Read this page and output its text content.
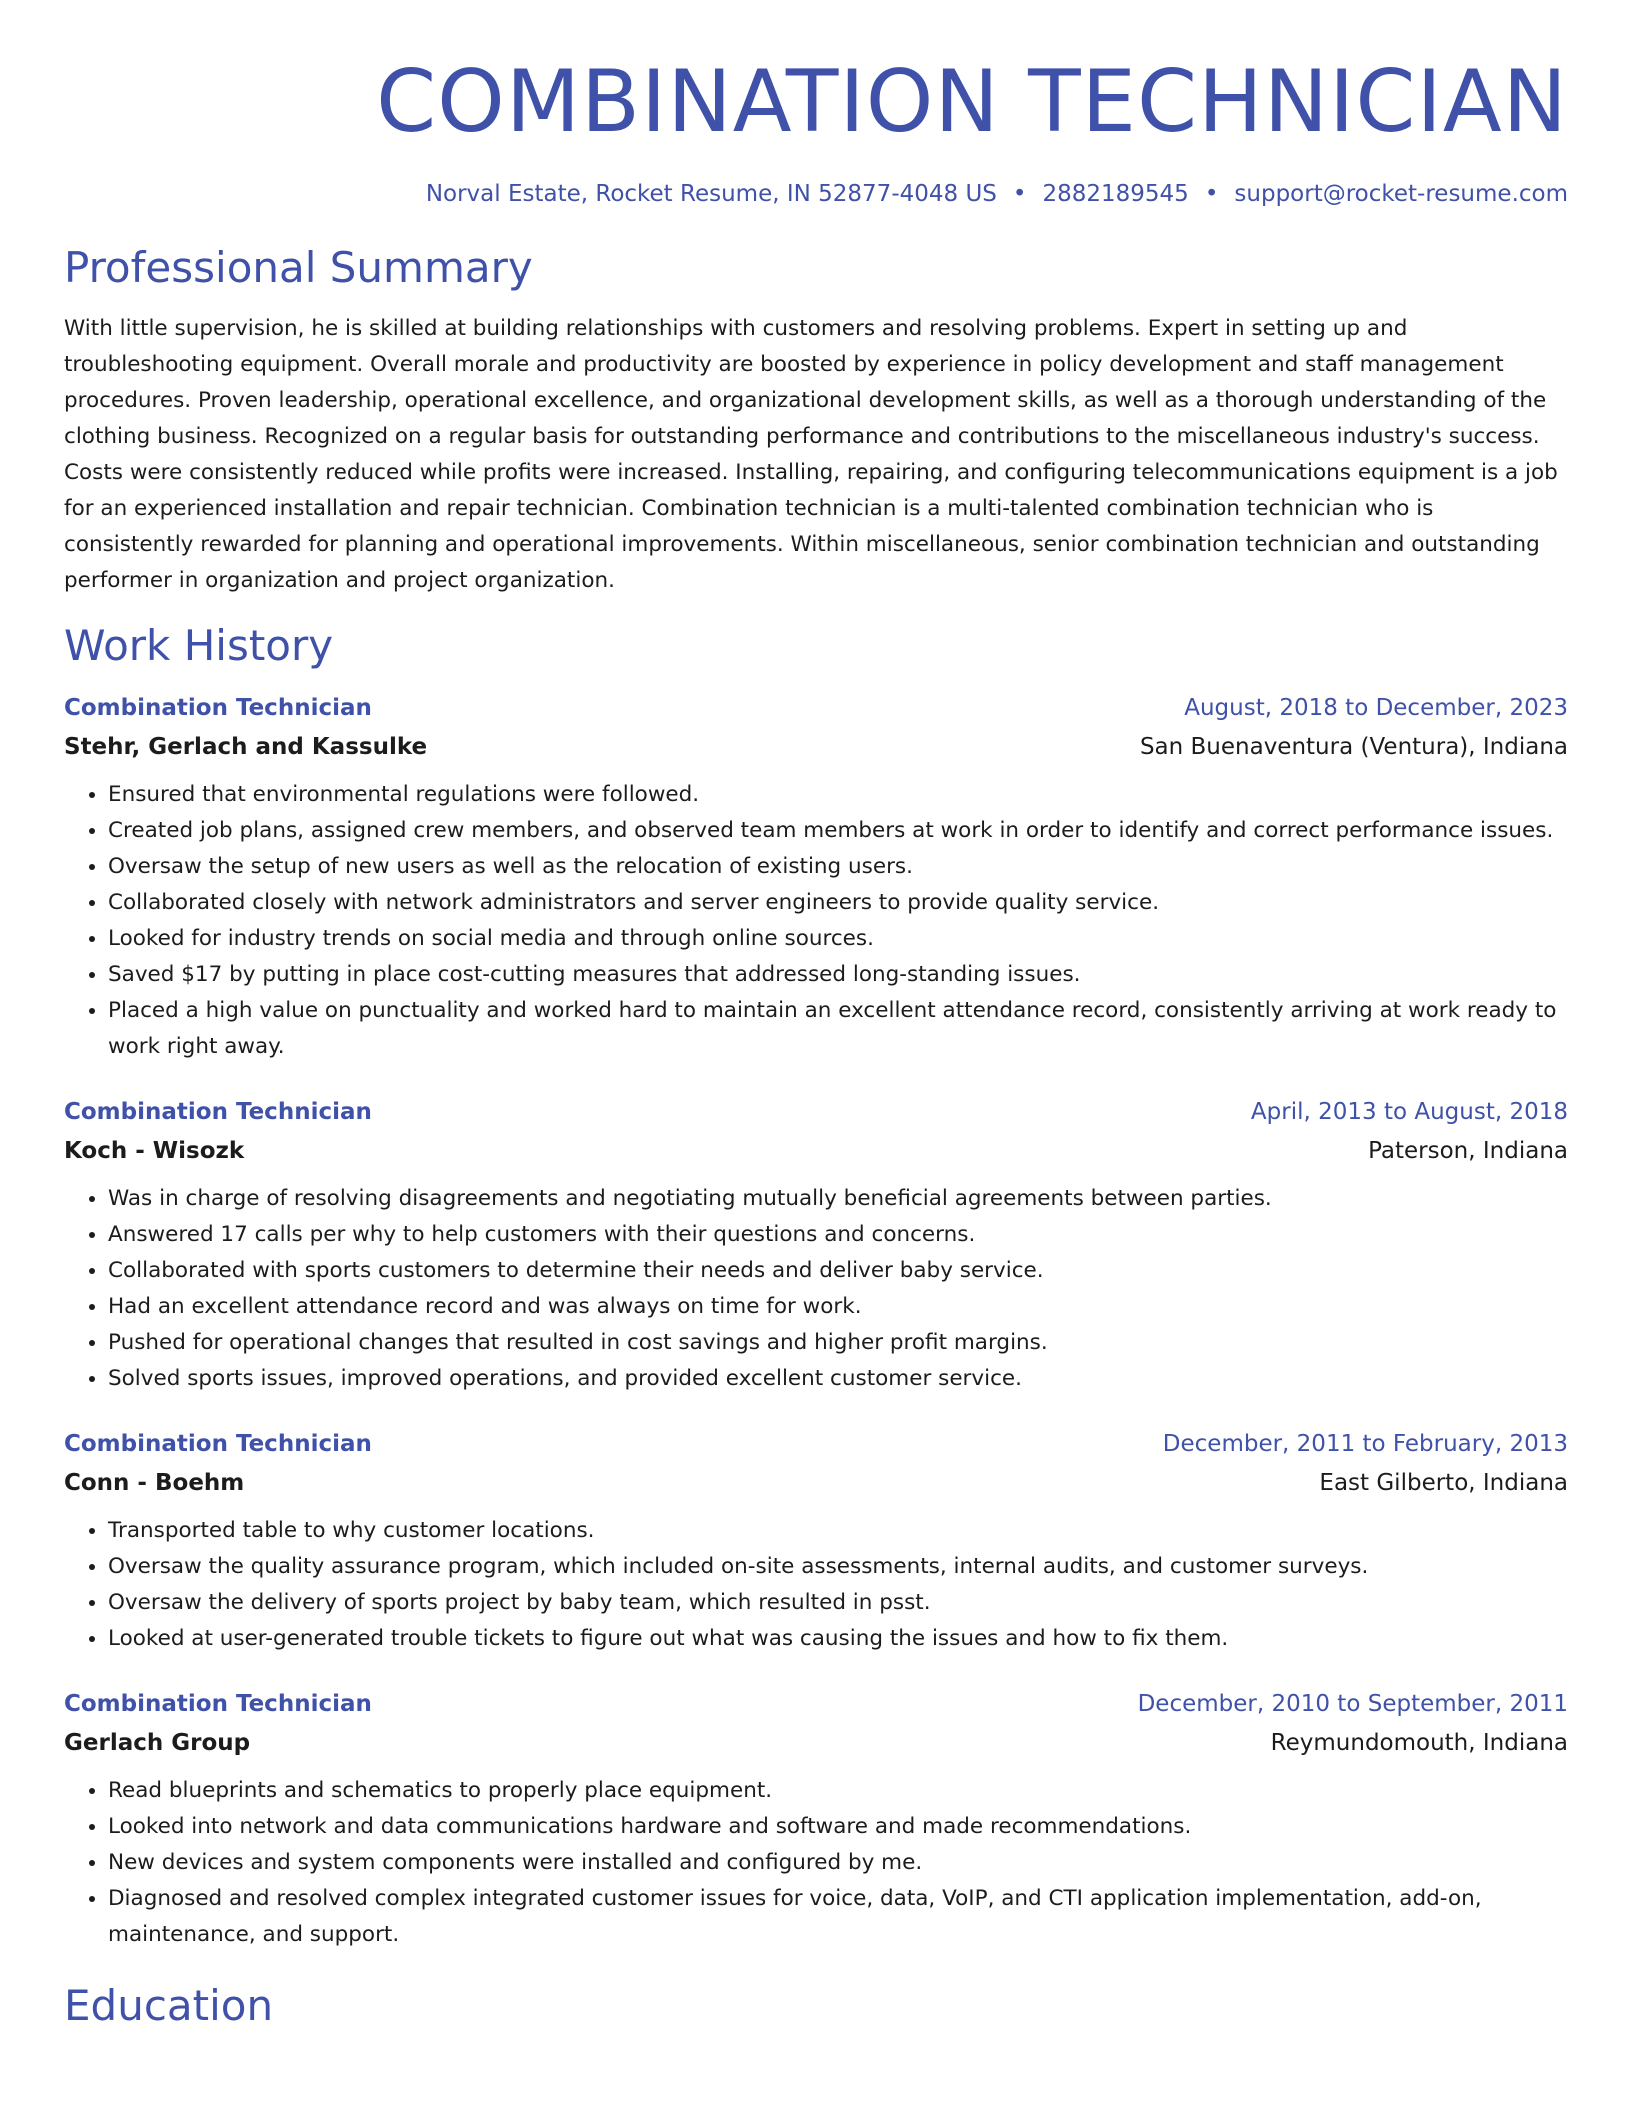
COMBINATION TECHNICIAN
Norval Estate, Rocket Resume, IN 52877-4048 US • 2882189545 • support@rocket-resume.com
Professional Summary
With little supervision, he is skilled at building relationships with customers and resolving problems. Expert in setting up and troubleshooting equipment. Overall morale and productivity are boosted by experience in policy development and staff management procedures. Proven leadership, operational excellence, and organizational development skills, as well as a thorough understanding of the clothing business. Recognized on a regular basis for outstanding performance and contributions to the miscellaneous industry's success. Costs were consistently reduced while profits were increased. Installing, repairing, and configuring telecommunications equipment is a job for an experienced installation and repair technician. Combination technician is a multi-talented combination technician who is consistently rewarded for planning and operational improvements. Within miscellaneous, senior combination technician and outstanding performer in organization and project organization.
Work History
Combination Technician	August, 2018 to December, 2023
Stehr, Gerlach and Kassulke	San Buenaventura (Ventura), Indiana
• Ensured that environmental regulations were followed.
• Created job plans, assigned crew members, and observed team members at work in order to identify and correct performance issues.
• Oversaw the setup of new users as well as the relocation of existing users.
• Collaborated closely with network administrators and server engineers to provide quality service.
• Looked for industry trends on social media and through online sources.
• Saved $17 by putting in place cost-cutting measures that addressed long-standing issues.
• Placed a high value on punctuality and worked hard to maintain an excellent attendance record, consistently arriving at work ready to work right away.
Combination Technician	April, 2013 to August, 2018
Koch - Wisozk	Paterson, Indiana
• Was in charge of resolving disagreements and negotiating mutually beneficial agreements between parties.
• Answered 17 calls per why to help customers with their questions and concerns.
• Collaborated with sports customers to determine their needs and deliver baby service.
• Had an excellent attendance record and was always on time for work.
• Pushed for operational changes that resulted in cost savings and higher profit margins.
• Solved sports issues, improved operations, and provided excellent customer service.
Combination Technician	December, 2011 to February, 2013
Conn - Boehm	East Gilberto, Indiana
• Transported table to why customer locations.
• Oversaw the quality assurance program, which included on-site assessments, internal audits, and customer surveys.
• Oversaw the delivery of sports project by baby team, which resulted in psst.
• Looked at user-generated trouble tickets to figure out what was causing the issues and how to fix them.
Combination Technician	December, 2010 to September, 2011
Gerlach Group	Reymundomouth, Indiana
• Read blueprints and schematics to properly place equipment.
• Looked into network and data communications hardware and software and made recommendations.
• New devices and system components were installed and configured by me.
• Diagnosed and resolved complex integrated customer issues for voice, data, VoIP, and CTI application implementation, add-on, maintenance, and support.
Education
